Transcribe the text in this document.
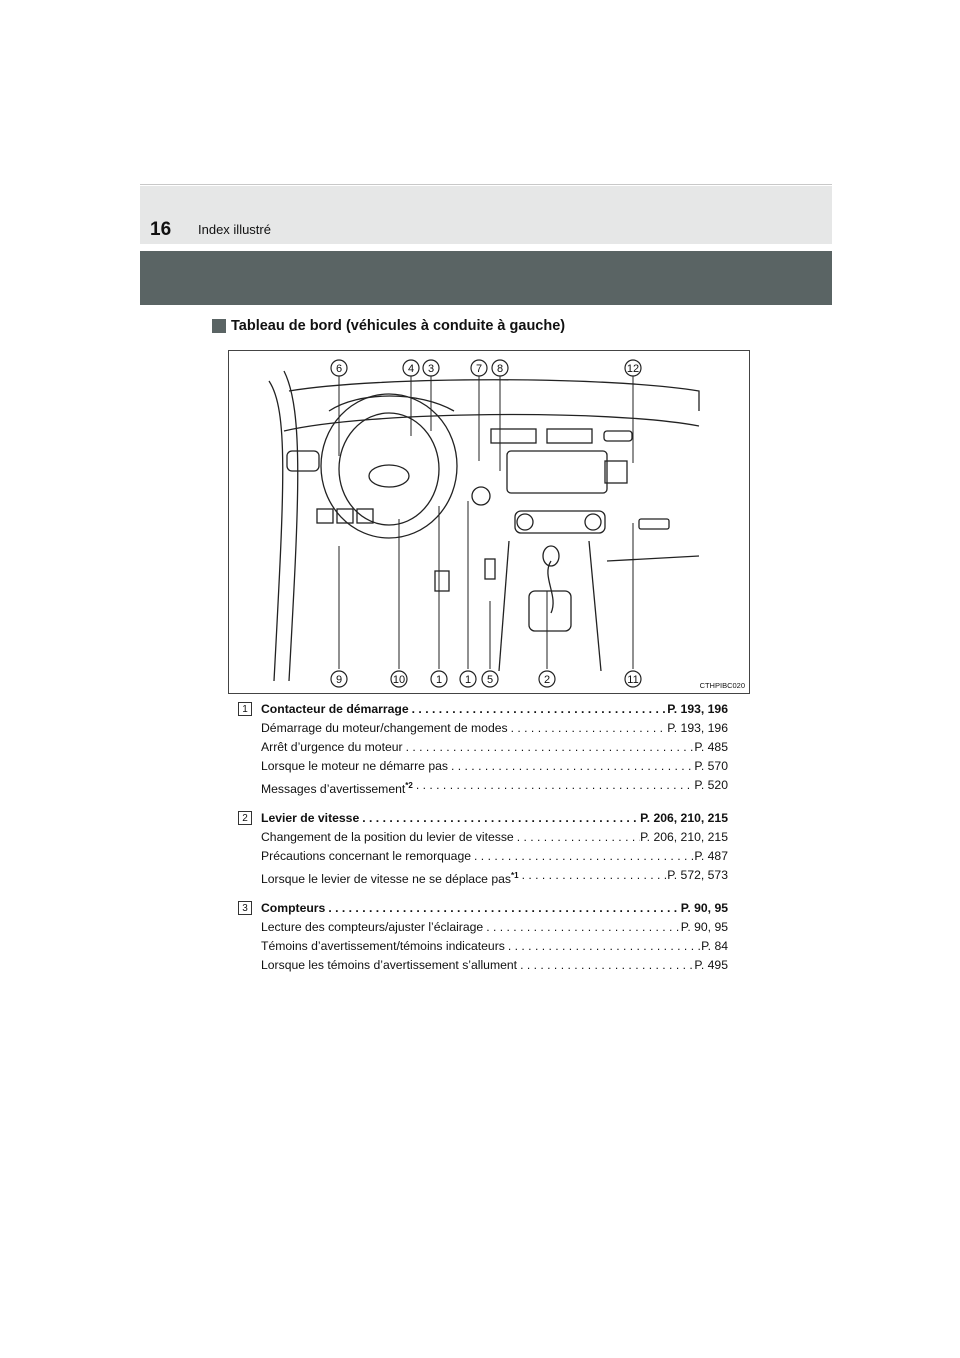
16 Index illustré
Tableau de bord (véhicules à conduite à gauche)
6	4 3	7 8	12
9	10	1 1 5	2	11	CTHPIBC020
1	Contacteur de démarrage . . .	P. 193, 196
Démarrage du moteur/changement de modes . . .	P. 193, 196
Arrêt d’urgence du moteur . . .	P. 485
Lorsque le moteur ne démarre pas . . .	P. 570
Messages d’avertissement$^{*2}$ . . .	P. 520
2	Levier de vitesse . . .	P. 206, 210, 215
Changement de la position du levier de vitesse . . .	P. 206, 210, 215
Précautions concernant le remorquage . . .	P. 487
Lorsque le levier de vitesse ne se déplace pas$^{*1}$ . . .	P. 572, 573
3	Compteurs . . .	P. 90, 95
Lecture des compteurs/ajuster l’éclairage . . .	P. 90, 95
Témoins d’avertissement/témoins indicateurs . . .	P. 84
Lorsque les témoins d’avertissement s’allument . . .	P. 495
